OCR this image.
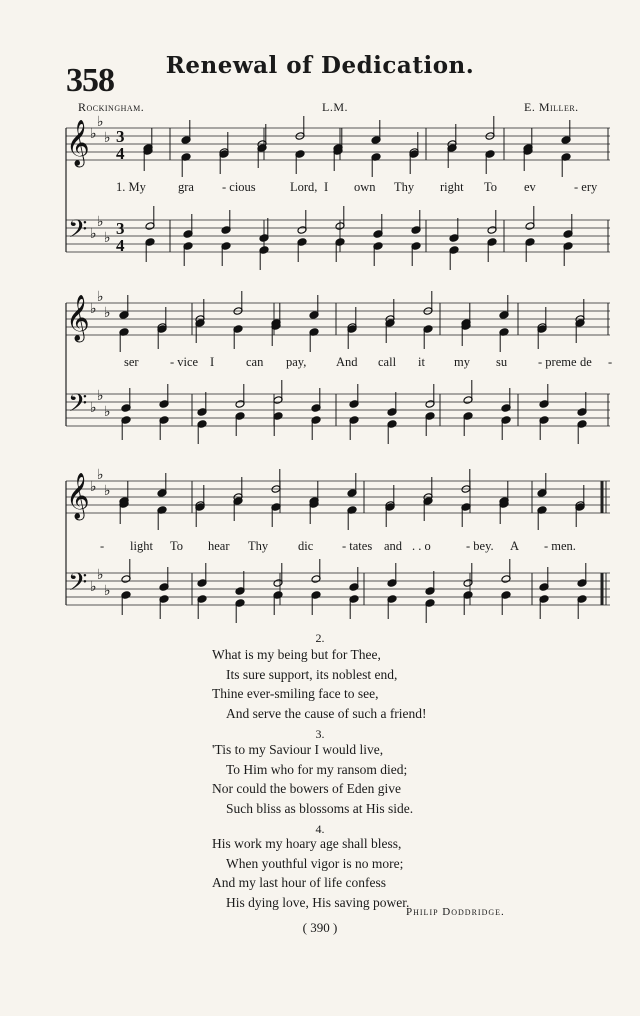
358	Renewal of Dedication.
Rockingham.	L.M.	E. Miller.
𝄞
𝄢
♭
♭
♭
♭
♭
♭
3
4
3
4
𝄞
𝄢
♭
♭
♭
♭
♭
♭
𝄞
𝄢
♭
♭
♭
♭
♭
♭
1. My	gra - cious	Lord, I own Thy right To ev	- ery
ser	- vice I	can pay, And call it my su - preme de -
- light To hear Thy dic - tates and . . o	- bey. A - men.
2.
What is my being but for Thee,
Its sure support, its noblest end,
Thine ever-smiling face to see,
And serve the cause of such a friend!
3.
'Tis to my Saviour I would live,
To Him who for my ransom died;
Nor could the bowers of Eden give
Such bliss as blossoms at His side.
4.
His work my hoary age shall bless,
When youthful vigor is no more;
And my last hour of life confess
His dying love, His saving power.
Philip Doddridge.
( 390 )
